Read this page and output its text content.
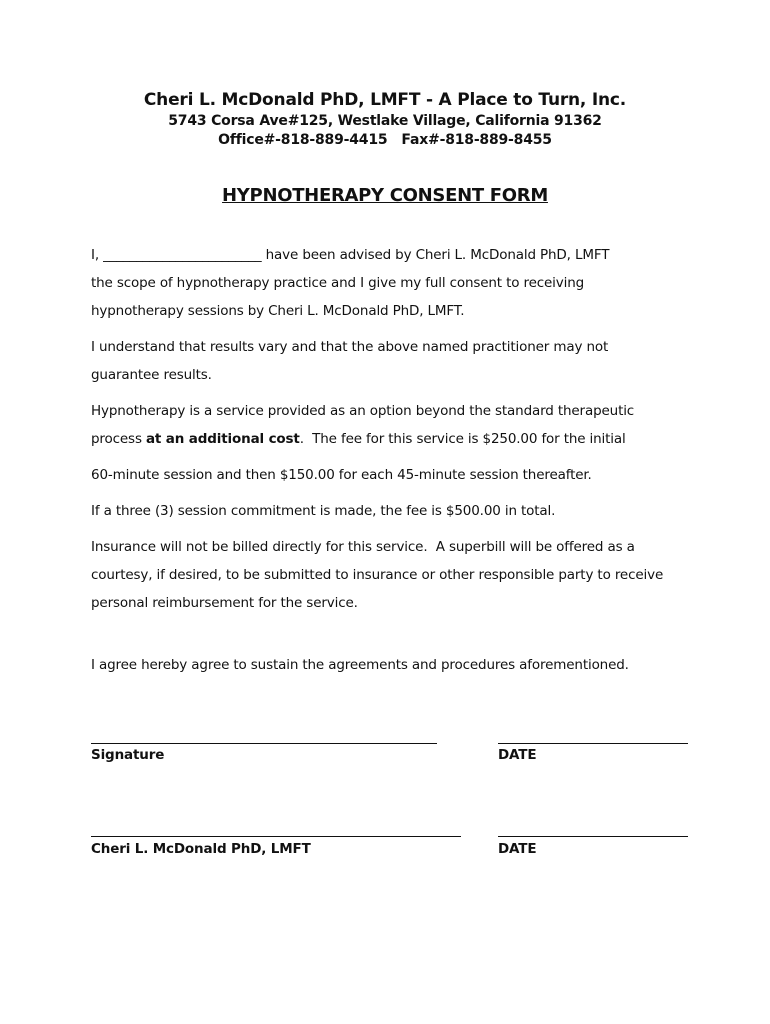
Cheri L. McDonald PhD, LMFT - A Place to Turn, Inc.
5743 Corsa Ave#125, Westlake Village, California 91362
Office#-818-889-4415   Fax#-818-889-8455
HYPNOTHERAPY CONSENT FORM

I, ________________________ have been advised by Cheri L. McDonald PhD, LMFT
the scope of hypnotherapy practice and I give my full consent to receiving
hypnotherapy sessions by Cheri L. McDonald PhD, LMFT.

I understand that results vary and that the above named practitioner may not
guarantee results.

Hypnotherapy is a service provided as an option beyond the standard therapeutic
process at an additional cost.  The fee for this service is $250.00 for the initial

60-minute session and then $150.00 for each 45-minute session thereafter.

If a three (3) session commitment is made, the fee is $500.00 in total.

Insurance will not be billed directly for this service.  A superbill will be offered as a
courtesy, if desired, to be submitted to insurance or other responsible party to receive
personal reimbursement for the service.

I agree hereby agree to sustain the agreements and procedures aforementioned.

Signature	DATE
Cheri L. McDonald PhD, LMFT	DATE
